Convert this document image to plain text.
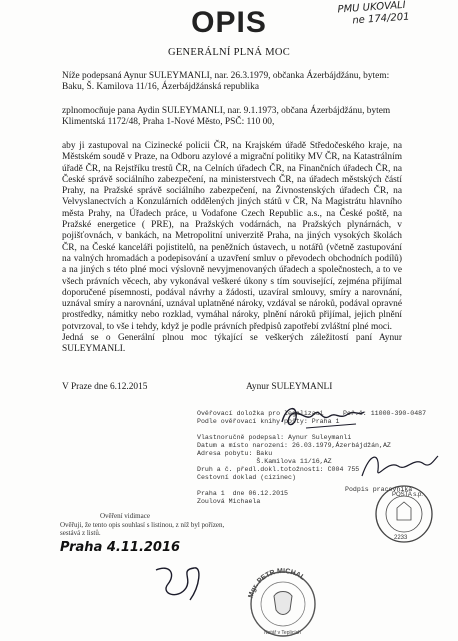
OPIS	PMU UKOVALI
ne 174/201
GENERÁLNÍ PLNÁ MOC
Níže podepsaná Aynur SULEYMANLI, nar. 26.3.1979, občanka Ázerbájdžánu, bytem: Baku, Š. Kamilova 11/16, Ázerbájdžánská republika
zplnomocňuje pana Aydin SULEYMANLI, nar. 9.1.1973, občana Ázerbájdžánu, bytem Klimentská 1172/48, Praha 1-Nové Město, PSČ: 110 00,
aby ji zastupoval na Cizinecké policii ČR, na Krajském úřadě Středočeského kraje, na Městském soudě v Praze, na Odboru azylové a migrační politiky MV ČR, na Katastrálním úřadě ČR, na Rejstříku trestů ČR, na Celních úřadech ČR, na Finančních úřadech ČR, na České správě sociálního zabezpečení, na ministerstvech ČR, na úřadech městských částí Prahy, na Pražské správě sociálního zabezpečení, na Živnostenských úřadech ČR, na Velvyslanectvích a Konzulárních oddělených jiných států v ČR, Na Magistrátu hlavního města Prahy, na Úřadech práce, u Vodafone Czech Republic a.s., na České poště, na Pražské energetice ( PRE), na Pražských vodárnách, na Pražských plynárnách, v pojišťovnách, v bankách, na Metropolitní univerzitě Praha, na jiných vysokých školách ČR, na České kanceláři pojistitelů, na peněžních ústavech, u notářů (včetně zastupování na valných hromadách a podepisování a uzavření smluv o převodech obchodních podílů) a na jiných s této plné moci výslovně nevyjmenovaných úřadech a společnostech, a to ve všech právních věcech, aby vykonával veškeré úkony s tím související, zejména přijímal doporučené písemnosti, podával návrhy a žádosti, uzavíral smlouvy, smíry a narovnání, uznával smíry a narovnání, uznával uplatněné nároky, vzdával se nároků, podával opravné prostředky, námitky nebo rozklad, vymáhal nároky, plnění nároků přijímal, jejich plnění potvrzoval, to vše i tehdy, když je podle právních předpisů zapotřebí zvláštní plné moci.
Jedná se o Generální plnou moc týkající se veškerých záležitostí paní Aynur SULEYMANLI.
V Praze dne 6.12.2015	Aynur SULEYMANLI
Poř.č: 11000-390-0487
Ověřovací doložka pro legalizaci
Podle ověřovací knihy pošty: Praha 1

Vlastnoručně podepsal: Aynur Suleymanli
Datum a místo narození: 26.03.1979,Ázerbájdžán,AZ
Adresa pobytu: Baku
Š.Kamilova 11/16,AZ
Druh a č. předl.dokl.totožnosti: C004 755
Cestovní doklad (cizinec)

Praha 1  dne 06.12.2015
Zoulová Michaela
Podpis pracovníka
POŠTA s.p.
2233
Ověření vidimace
Ověřuji, že tento opis souhlasí s listinou, z níž byl pořízen, sestává z listů.
Praha 4.11.2016
Mgr. PETR MICHAL
Notář v Teplicích
